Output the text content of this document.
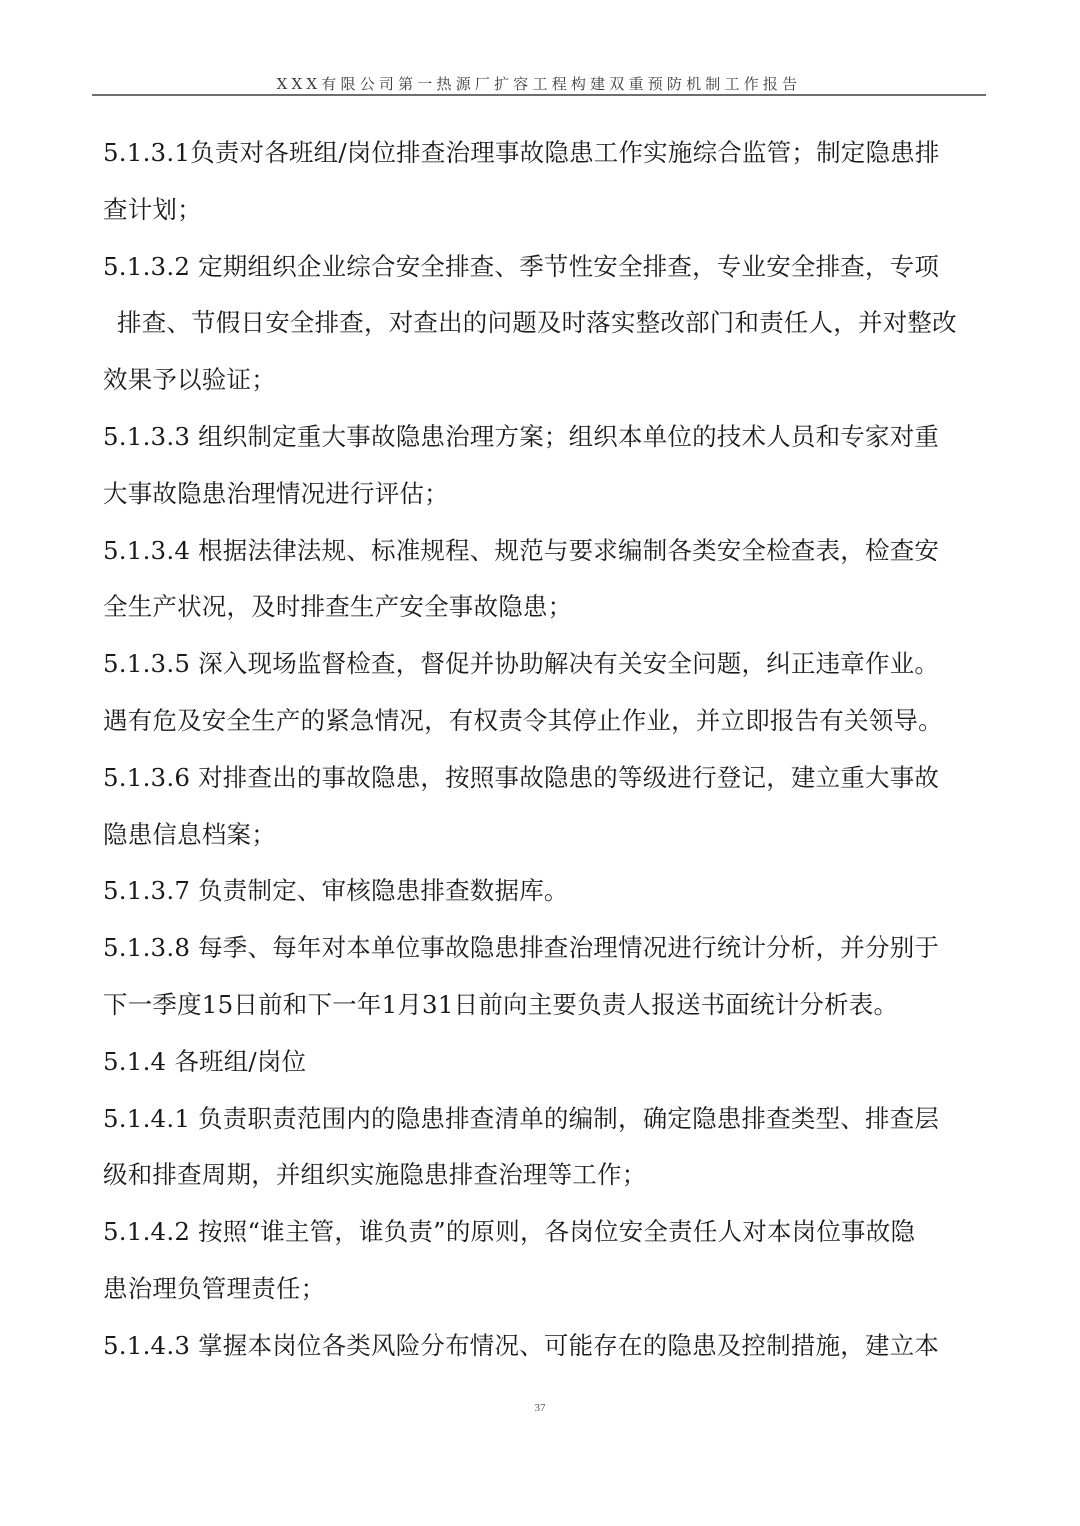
XXX有限公司第一热源厂扩容工程构建双重预防机制工作报告
5.1.3.1负责对各班组/岗位排查治理事故隐患工作实施综合监管；制定隐患排
查计划；
5.1.3.2 定期组织企业综合安全排查、季节性安全排查，专业安全排查，专项
排查、节假日安全排查，对查出的问题及时落实整改部门和责任人，并对整改
效果予以验证；
5.1.3.3 组织制定重大事故隐患治理方案；组织本单位的技术人员和专家对重
大事故隐患治理情况进行评估；
5.1.3.4 根据法律法规、标准规程、规范与要求编制各类安全检查表，检查安
全生产状况，及时排查生产安全事故隐患；
5.1.3.5 深入现场监督检查，督促并协助解决有关安全问题，纠正违章作业。
遇有危及安全生产的紧急情况，有权责令其停止作业，并立即报告有关领导。
5.1.3.6 对排查出的事故隐患，按照事故隐患的等级进行登记，建立重大事故
隐患信息档案；
5.1.3.7 负责制定、审核隐患排查数据库。
5.1.3.8 每季、每年对本单位事故隐患排查治理情况进行统计分析，并分别于
下一季度15日前和下一年1月31日前向主要负责人报送书面统计分析表。
5.1.4 各班组/岗位
5.1.4.1 负责职责范围内的隐患排查清单的编制，确定隐患排查类型、排查层
级和排查周期，并组织实施隐患排查治理等工作；
5.1.4.2 按照“谁主管，谁负责”的原则，各岗位安全责任人对本岗位事故隐
患治理负管理责任；
5.1.4.3 掌握本岗位各类风险分布情况、可能存在的隐患及控制措施，建立本
37
